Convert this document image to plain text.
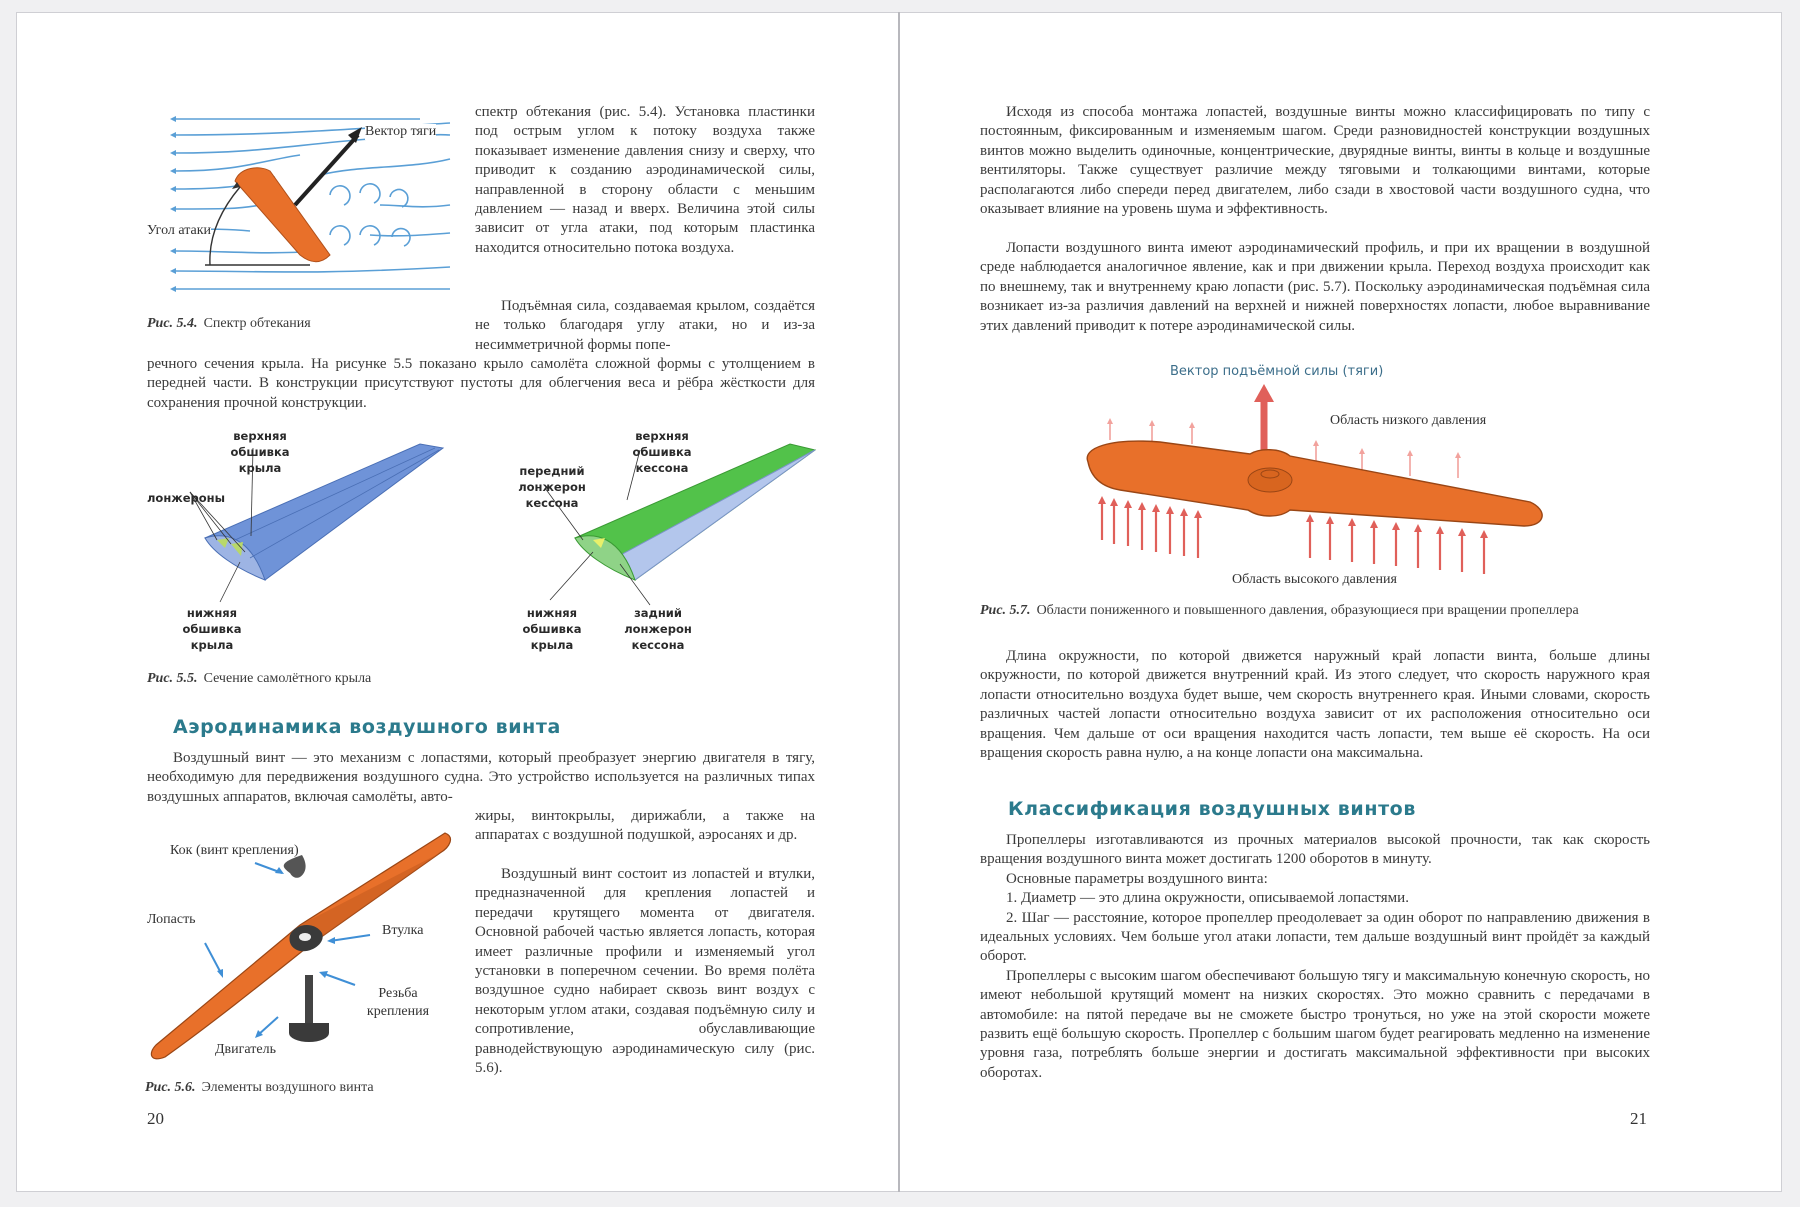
Вектор тяги
Угол атаки

Рис. 5.4. Спектр обтекания

спектр обтекания (рис. 5.4). Установка пластинки под острым углом к потоку воздуха также показывает изменение давления снизу и сверху, что приводит к созданию аэродинамической силы, направленной в сторону области с меньшим давлением — назад и вверх. Величина этой силы зависит от угла атаки, под которым пластинка находится относительно потока воздуха.

Подъёмная сила, создаваемая крылом, создаётся не только благодаря углу атаки, но и из-за несимметричной формы попе-

речного сечения крыла. На рисунке 5.5 показано крыло самолёта сложной формы с утолщением в передней части. В конструкции присутствуют пустоты для облегчения веса и рёбра жёсткости для сохранения прочной конструкции.

верхняя обшивка крыла
лонжероны
нижняя обшивка крыла
верхняя обшивка кессона
передний лонжерон кессона
нижняя обшивка крыла
задний лонжерон кессона

Рис. 5.5. Сечение самолётного крыла

Аэродинамика воздушного винта

Воздушный винт — это механизм с лопастями, который преобразует энергию двигателя в тягу, необходимую для передвижения воздушного судна. Это устройство используется на различных типах воздушных аппаратов, включая самолёты, авто-

жиры, винтокрылы, дирижабли, а также на аппаратах с воздушной подушкой, аэросанях и др.

Воздушный винт состоит из лопастей и втулки, предназначенной для крепления лопастей и передачи крутящего момента от двигателя. Основной рабочей частью является лопасть, которая имеет различные профили и изменяемый угол установки в поперечном сечении. Во время полёта воздушное судно набирает сквозь винт воздух с некоторым углом атаки, создавая подъёмную силу и сопротивление, обуславливающие равнодействующую аэродинамическую силу (рис. 5.6).

Кок (винт крепления)
Лопасть
Втулка
Резьба крепления
Двигатель

Рис. 5.6. Элементы воздушного винта

20

Исходя из способа монтажа лопастей, воздушные винты можно классифицировать по типу с постоянным, фиксированным и изменяемым шагом. Среди разновидностей конструкции воздушных винтов можно выделить одиночные, концентрические, двурядные винты, винты в кольце и воздушные вентиляторы. Также существует различие между тяговыми и толкающими винтами, которые располагаются либо спереди перед двигателем, либо сзади в хвостовой части воздушного судна, что оказывает влияние на уровень шума и эффективность.

Лопасти воздушного винта имеют аэродинамический профиль, и при их вращении в воздушной среде наблюдается аналогичное явление, как и при движении крыла. Переход воздуха происходит как по внешнему, так и внутреннему краю лопасти (рис. 5.7). Поскольку аэродинамическая подъёмная сила возникает из-за различия давлений на верхней и нижней поверхностях лопасти, любое выравнивание этих давлений приводит к потере аэродинамической силы.

Вектор подъёмной силы (тяги)
Область низкого давления
Область высокого давления

Рис. 5.7. Области пониженного и повышенного давления, образующиеся при вращении пропеллера

Длина окружности, по которой движется наружный край лопасти винта, больше длины окружности, по которой движется внутренний край. Из этого следует, что скорость наружного края лопасти относительно воздуха будет выше, чем скорость внутреннего края. Иными словами, скорость различных частей лопасти относительно воздуха зависит от их расположения относительно оси вращения. Чем дальше от оси вращения находится часть лопасти, тем выше её скорость. На оси вращения скорость равна нулю, а на конце лопасти она максимальна.

Классификация воздушных винтов

Пропеллеры изготавливаются из прочных материалов высокой прочности, так как скорость вращения воздушного винта может достигать 1200 оборотов в минуту.

Основные параметры воздушного винта:

1. Диаметр — это длина окружности, описываемой лопастями.

2. Шаг — расстояние, которое пропеллер преодолевает за один оборот по направлению движения в идеальных условиях. Чем больше угол атаки лопасти, тем дальше воздушный винт пройдёт за каждый оборот.

Пропеллеры с высоким шагом обеспечивают большую тягу и максимальную конечную скорость, но имеют небольшой крутящий момент на низких скоростях. Это можно сравнить с передачами в автомобиле: на пятой передаче вы не сможете быстро тронуться, но уже на этой скорости можете развить ещё большую скорость. Пропеллер с большим шагом будет реагировать медленно на изменение уровня газа, потреблять больше энергии и достигать максимальной эффективности при высоких оборотах.

21
